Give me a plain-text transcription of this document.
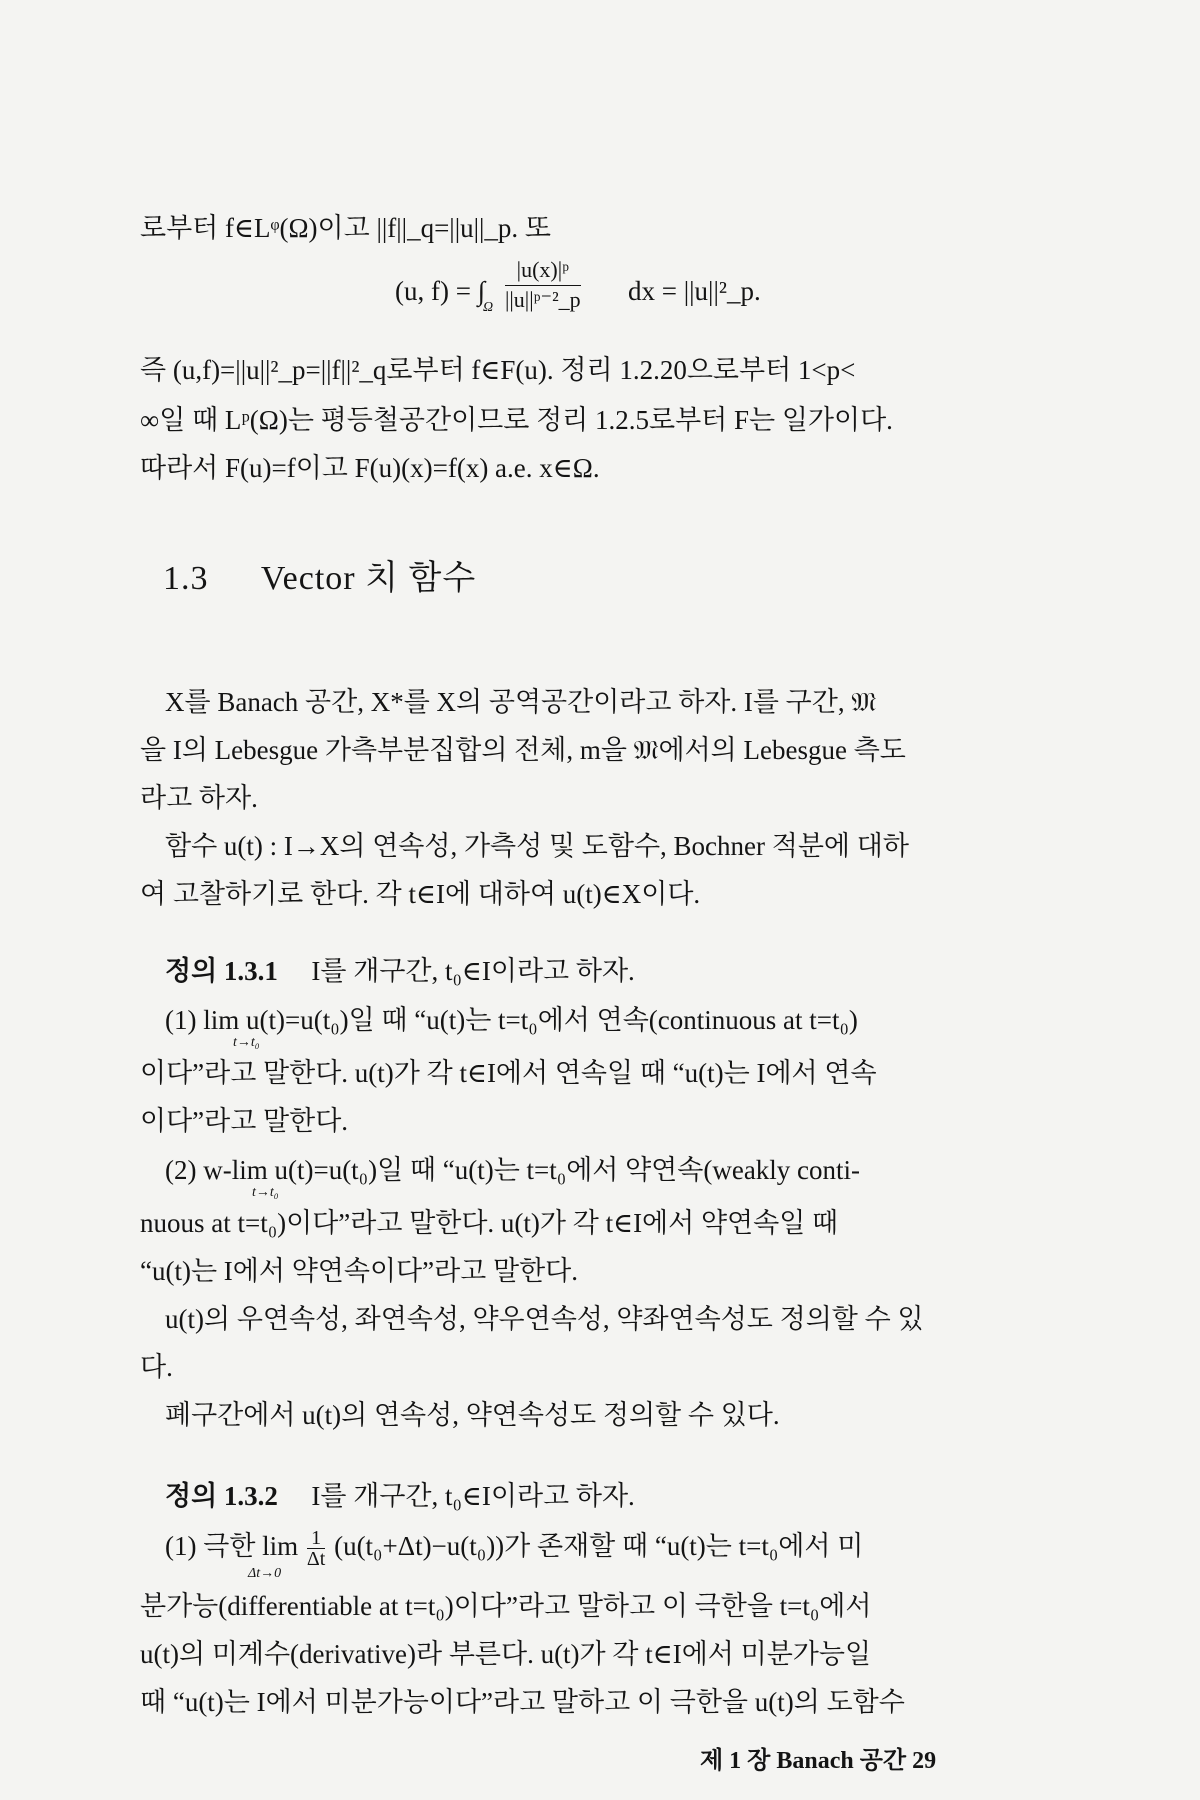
로부터 f∈Lᵠ(Ω)이고 ||f||_q=||u||_p. 또
(u, f) = ∫
Ω $\frac{\text{|u(x)|ᵖ}}{\text{||u||ᵖ⁻²\_p}}$ dx = ||u||²_p.
즉 (u,f)=||u||²_p=||f||²_q로부터 f∈F(u). 정리 1.2.20으로부터 1<p<
∞일 때 Lᵖ(Ω)는 평등철공간이므로 정리 1.2.5로부터 F는 일가이다.
따라서 F(u)=f이고 F(u)(x)=f(x) a.e. x∈Ω.
1.3 Vector 치 함수
X를 Banach 공간, X*를 X의 공역공간이라고 하자. I를 구간, 𝔐
을 I의 Lebesgue 가측부분집합의 전체, m을 𝔐에서의 Lebesgue 측도
라고 하자.
함수 u(t) : I→X의 연속성, 가측성 및 도함수, Bochner 적분에 대하
여 고찰하기로 한다. 각 t∈I에 대하여 u(t)∈X이다.
정의 1.3.1 I를 개구간, t₀∈I이라고 하자.
(1) lim u(t)=u(t₀)일 때 “u(t)는 t=t₀에서 연속(continuous at t=t₀)
t→t₀
이다”라고 말한다. u(t)가 각 t∈I에서 연속일 때 “u(t)는 I에서 연속
이다”라고 말한다.
(2) w-lim u(t)=u(t₀)일 때 “u(t)는 t=t₀에서 약연속(weakly conti-
t→t₀
nuous at t=t₀)이다”라고 말한다. u(t)가 각 t∈I에서 약연속일 때
“u(t)는 I에서 약연속이다”라고 말한다.
u(t)의 우연속성, 좌연속성, 약우연속성, 약좌연속성도 정의할 수 있
다.
폐구간에서 u(t)의 연속성, 약연속성도 정의할 수 있다.
정의 1.3.2 I를 개구간, t₀∈I이라고 하자.
(1) 극한 $\lim \frac{1}{\Delta t} (u(t_0+\Delta t)-u(t_0))$가 존재할 때 “u(t)는 t=t₀에서 미
Δt→0
분가능(differentiable at t=t₀)이다”라고 말하고 이 극한을 t=t₀에서
u(t)의 미계수(derivative)라 부른다. u(t)가 각 t∈I에서 미분가능일
때 “u(t)는 I에서 미분가능이다”라고 말하고 이 극한을 u(t)의 도함수
제 1 장 Banach 공간 29
